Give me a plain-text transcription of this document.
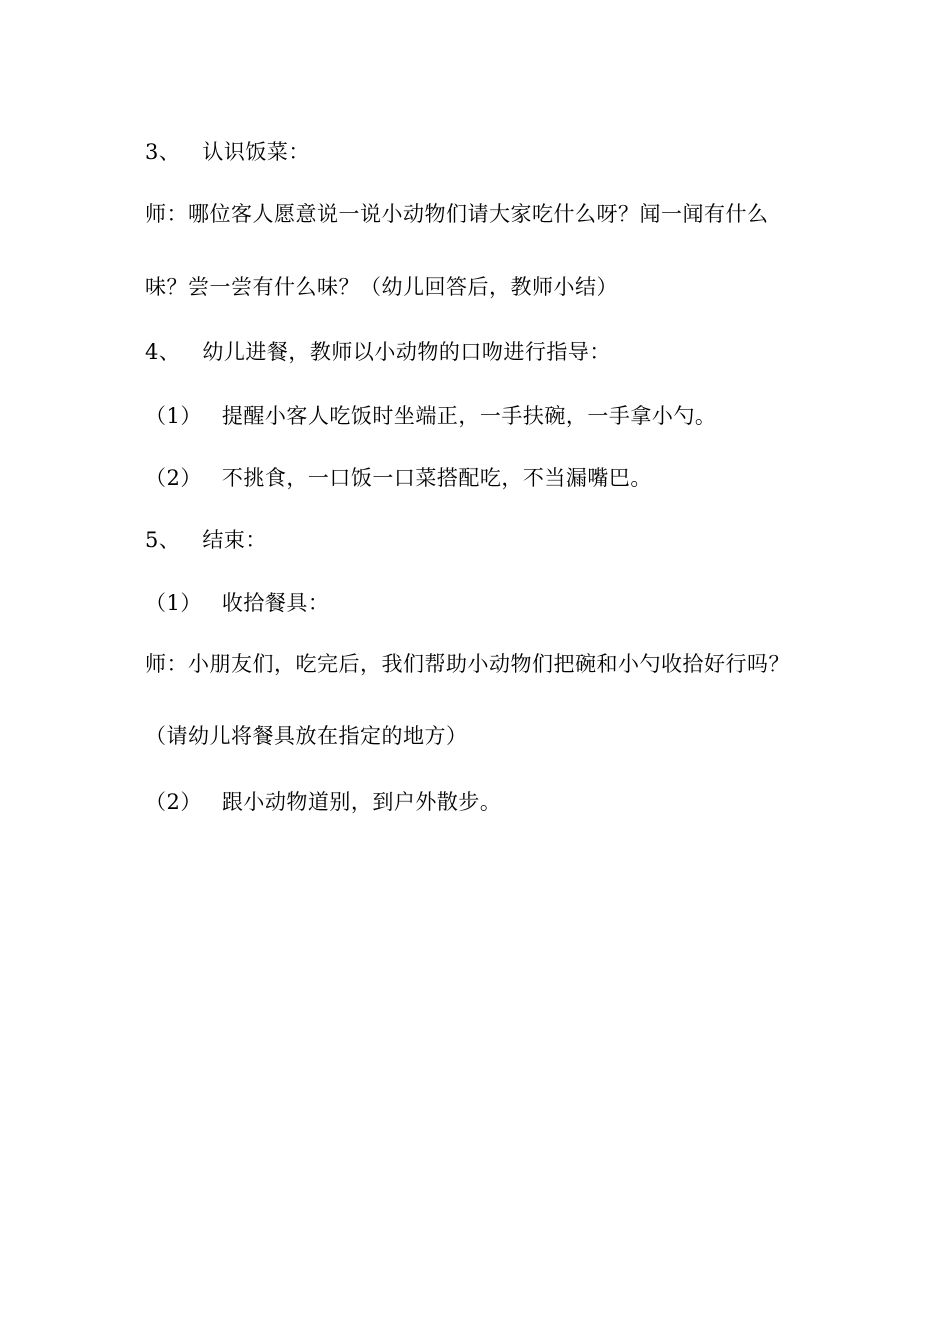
3、 认识饭菜：
师：哪位客人愿意说一说小动物们请大家吃什么呀？闻一闻有什么
味？尝一尝有什么味？（幼儿回答后，教师小结）
4、 幼儿进餐，教师以小动物的口吻进行指导：
（1） 提醒小客人吃饭时坐端正，一手扶碗，一手拿小勺。
（2） 不挑食，一口饭一口菜搭配吃，不当漏嘴巴。
5、 结束：
（1） 收拾餐具：
师：小朋友们，吃完后，我们帮助小动物们把碗和小勺收拾好行吗？
（请幼儿将餐具放在指定的地方）
（2） 跟小动物道别，到户外散步。
